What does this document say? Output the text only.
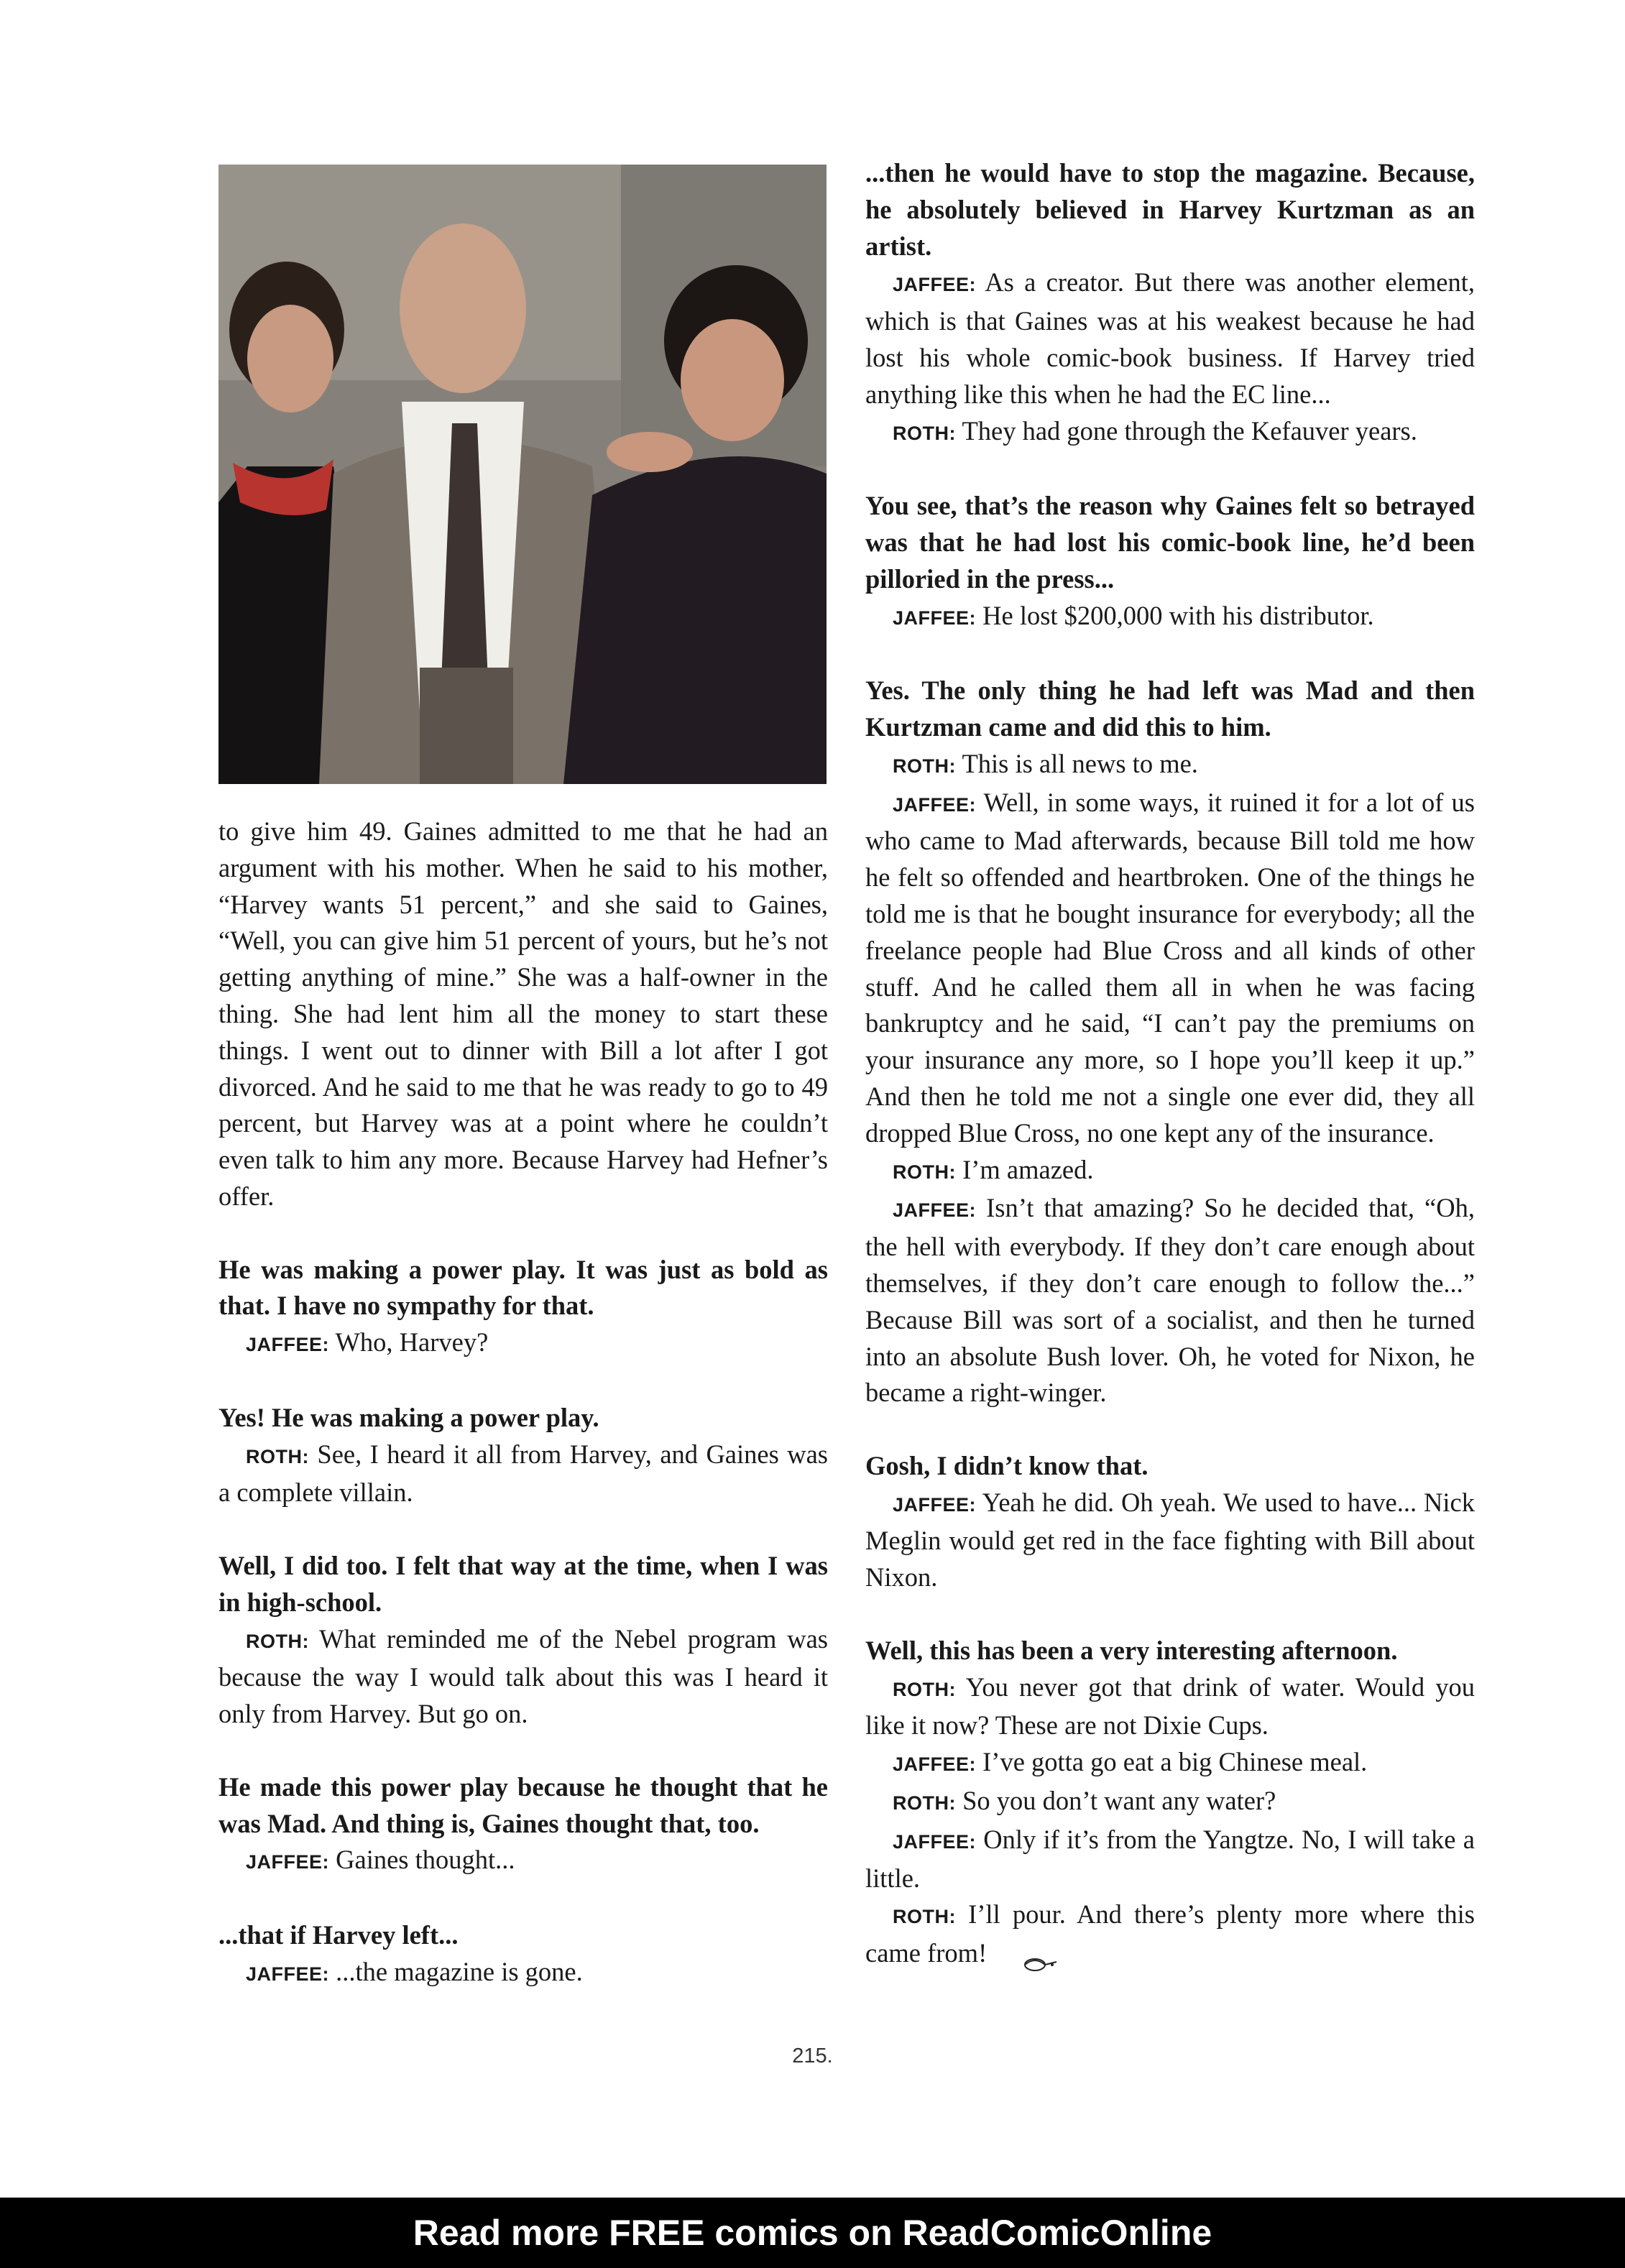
to give him 49. Gaines admitted to me that he had an argument with his mother. When he said to his mother, “Harvey wants 51 percent,” and she said to Gaines, “Well, you can give him 51 percent of yours, but he’s not getting anything of mine.” She was a half-owner in the thing. She had lent him all the money to start these things. I went out to dinner with Bill a lot after I got divorced. And he said to me that he was ready to go to 49 percent, but Harvey was at a point where he couldn’t even talk to him any more. Because Harvey had Hefner’s offer.

He was making a power play. It was just as bold as that. I have no sympathy for that.

JAFFEE: Who, Harvey?

Yes! He was making a power play.

ROTH: See, I heard it all from Harvey, and Gaines was a complete villain.

Well, I did too. I felt that way at the time, when I was in high-school.

ROTH: What reminded me of the Nebel program was because the way I would talk about this was I heard it only from Harvey. But go on.

He made this power play because he thought that he was Mad. And thing is, Gaines thought that, too.

JAFFEE: Gaines thought...

...that if Harvey left...

JAFFEE: ...the magazine is gone.

...then he would have to stop the magazine. Because, he absolutely believed in Harvey Kurtzman as an artist.

JAFFEE: As a creator. But there was another element, which is that Gaines was at his weakest because he had lost his whole comic-book business. If Harvey tried anything like this when he had the EC line...

ROTH: They had gone through the Kefauver years.

You see, that’s the reason why Gaines felt so betrayed was that he had lost his comic-book line, he’d been pilloried in the press...

JAFFEE: He lost $200,000 with his distributor.

Yes. The only thing he had left was Mad and then Kurtzman came and did this to him.

ROTH: This is all news to me.

JAFFEE: Well, in some ways, it ruined it for a lot of us who came to Mad afterwards, because Bill told me how he felt so offended and heartbroken. One of the things he told me is that he bought insurance for everybody; all the freelance people had Blue Cross and all kinds of other stuff. And he called them all in when he was facing bankruptcy and he said, “I can’t pay the premiums on your insurance any more, so I hope you’ll keep it up.” And then he told me not a single one ever did, they all dropped Blue Cross, no one kept any of the insurance.

ROTH: I’m amazed.

JAFFEE: Isn’t that amazing? So he decided that, “Oh, the hell with everybody. If they don’t care enough about themselves, if they don’t care enough to follow the...” Because Bill was sort of a socialist, and then he turned into an absolute Bush lover. Oh, he voted for Nixon, he became a right-winger.

Gosh, I didn’t know that.

JAFFEE: Yeah he did. Oh yeah. We used to have... Nick Meglin would get red in the face fighting with Bill about Nixon.

Well, this has been a very interesting afternoon.

ROTH: You never got that drink of water. Would you like it now? These are not Dixie Cups.

JAFFEE: I’ve gotta go eat a big Chinese meal.

ROTH: So you don’t want any water?

JAFFEE: Only if it’s from the Yangtze. No, I will take a little.

ROTH: I’ll pour. And there’s plenty more where this came from!

215.
Read more FREE comics on ReadComicOnline
